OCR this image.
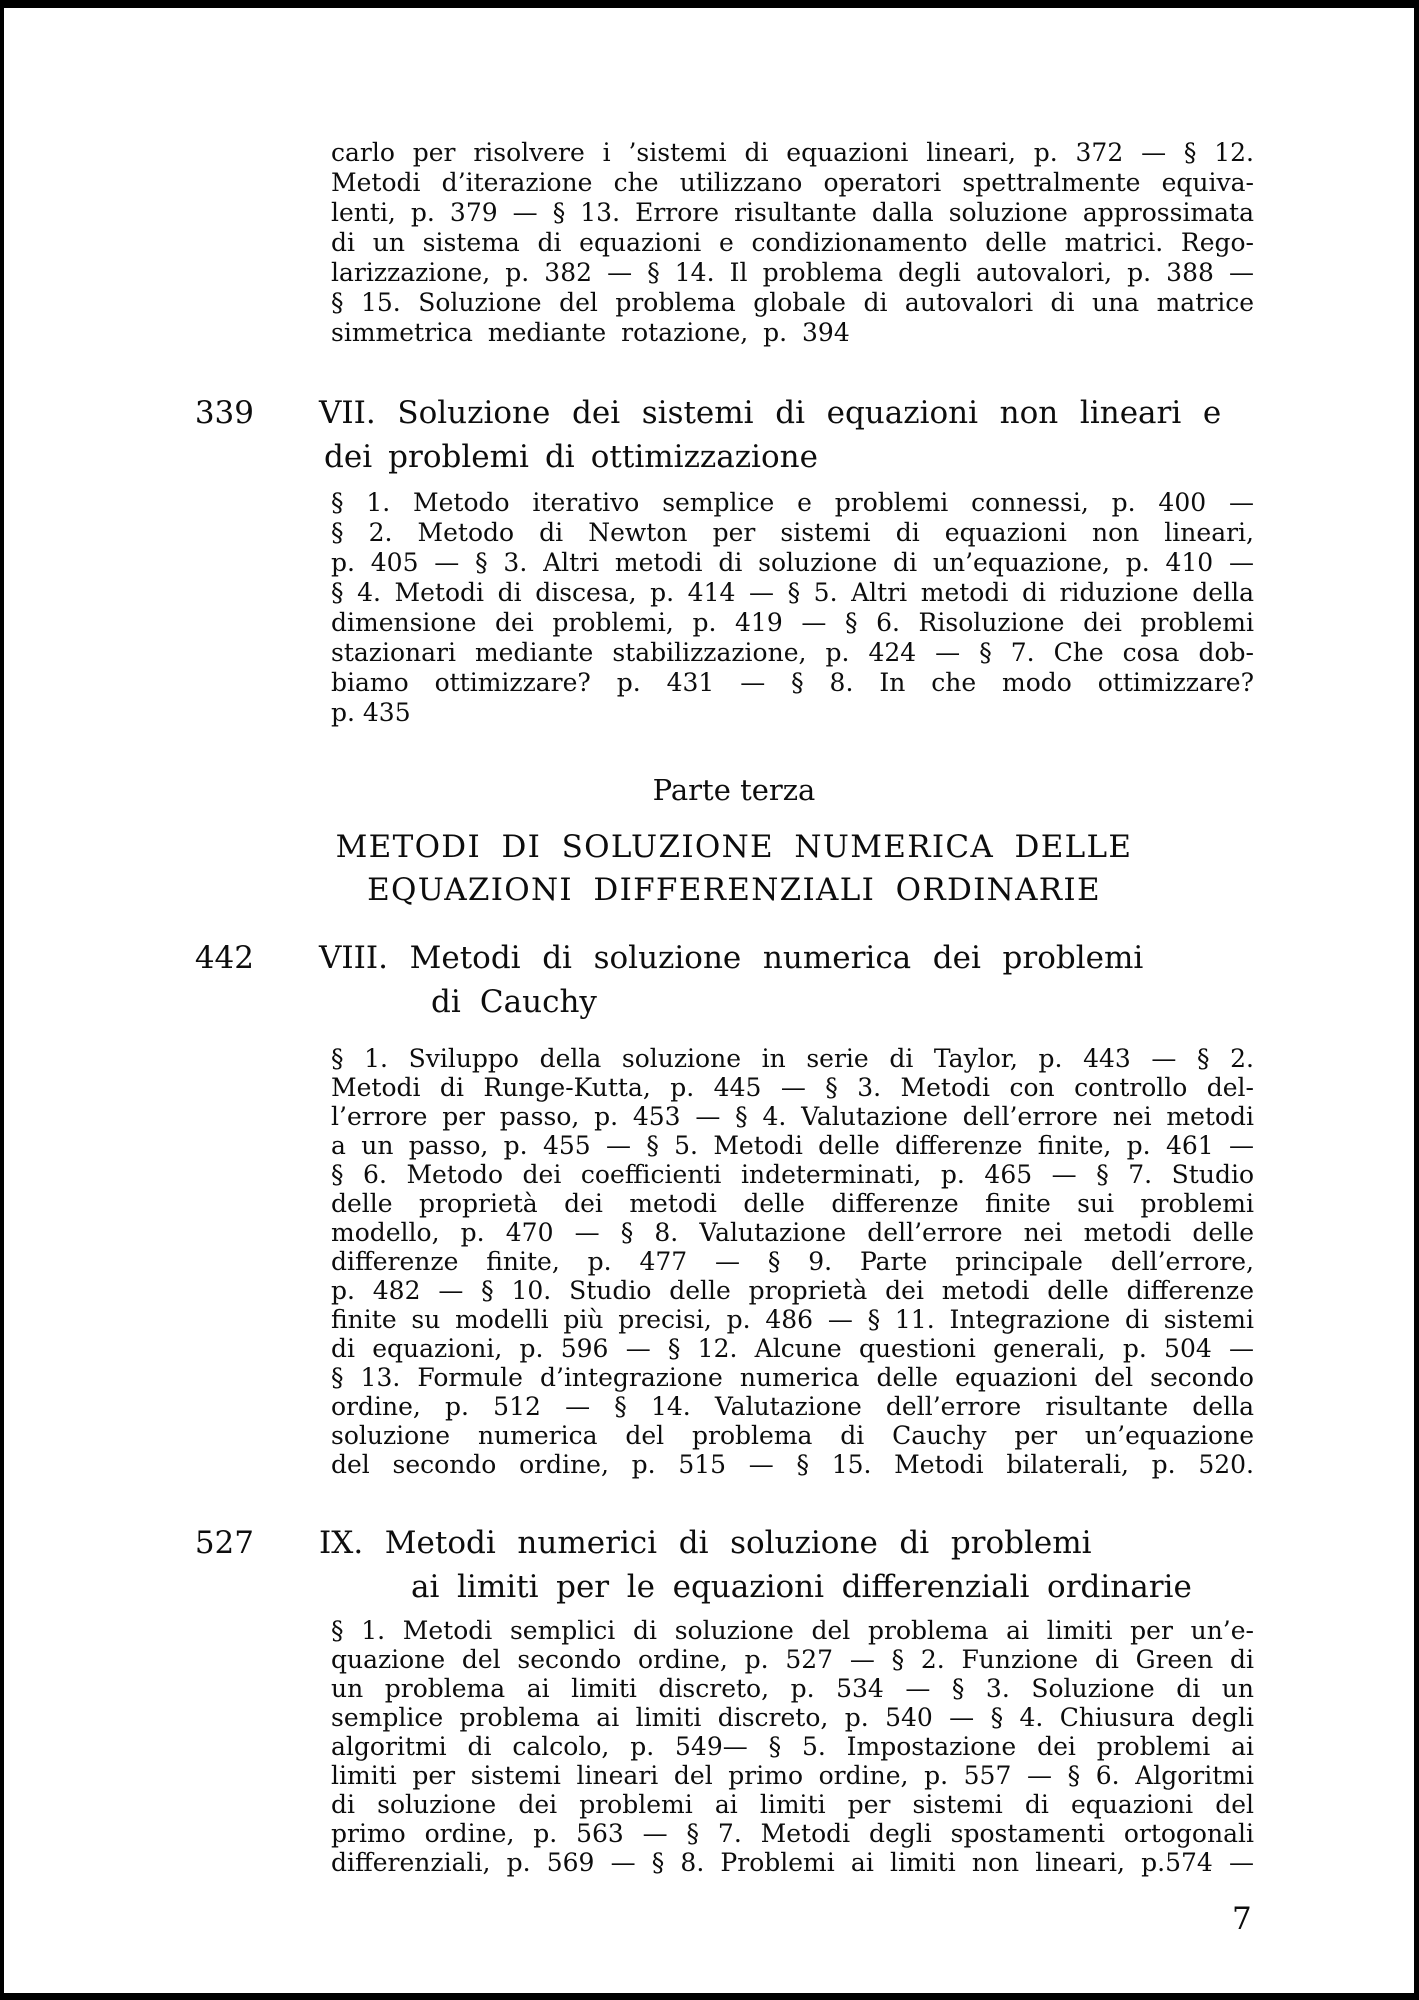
carlo per risolvere i ’sistemi di equazioni lineari, p. 372 — § 12.
Metodi d’iterazione che utilizzano operatori spettralmente equiva-
lenti, p. 379 — § 13. Errore risultante dalla soluzione approssimata
di un sistema di equazioni e condizionamento delle matrici. Rego-
larizzazione, p. 382 — § 14. Il problema degli autovalori, p. 388 —
§ 15. Soluzione del problema globale di autovalori di una matrice
simmetrica mediante rotazione, p. 394
339 VII. Soluzione dei sistemi di equazioni non lineari e
dei problemi di ottimizzazione
§ 1. Metodo iterativo semplice e problemi connessi, p. 400 —
§ 2. Metodo di Newton per sistemi di equazioni non lineari,
p. 405 — § 3. Altri metodi di soluzione di un’equazione, p. 410 —
§ 4. Metodi di discesa, p. 414 — § 5. Altri metodi di riduzione della
dimensione dei problemi, p. 419 — § 6. Risoluzione dei problemi
stazionari mediante stabilizzazione, p. 424 — § 7. Che cosa dob-
biamo ottimizzare? p. 431 — § 8. In che modo ottimizzare?
p. 435
Parte terza
METODI DI SOLUZIONE NUMERICA DELLE
EQUAZIONI DIFFERENZIALI ORDINARIE
442 VIII. Metodi di soluzione numerica dei problemi
di Cauchy
§ 1. Sviluppo della soluzione in serie di Taylor, p. 443 — § 2.
Metodi di Runge-Kutta, p. 445 — § 3. Metodi con controllo del-
l’errore per passo, p. 453 — § 4. Valutazione dell’errore nei metodi
a un passo, p. 455 — § 5. Metodi delle differenze finite, p. 461 —
§ 6. Metodo dei coefficienti indeterminati, p. 465 — § 7. Studio
delle proprietà dei metodi delle differenze finite sui problemi
modello, p. 470 — § 8. Valutazione dell’errore nei metodi delle
differenze finite, p. 477 — § 9. Parte principale dell’errore,
p. 482 — § 10. Studio delle proprietà dei metodi delle differenze
finite su modelli più precisi, p. 486 — § 11. Integrazione di sistemi
di equazioni, p. 596 — § 12. Alcune questioni generali, p. 504 —
§ 13. Formule d’integrazione numerica delle equazioni del secondo
ordine, p. 512 — § 14. Valutazione dell’errore risultante della
soluzione numerica del problema di Cauchy per un’equazione
del secondo ordine, p. 515 — § 15. Metodi bilaterali, p. 520.
527 IX. Metodi numerici di soluzione di problemi
ai limiti per le equazioni differenziali ordinarie
§ 1. Metodi semplici di soluzione del problema ai limiti per un’e-
quazione del secondo ordine, p. 527 — § 2. Funzione di Green di
un problema ai limiti discreto, p. 534 — § 3. Soluzione di un
semplice problema ai limiti discreto, p. 540 — § 4. Chiusura degli
algoritmi di calcolo, p. 549— § 5. Impostazione dei problemi ai
limiti per sistemi lineari del primo ordine, p. 557 — § 6. Algoritmi
di soluzione dei problemi ai limiti per sistemi di equazioni del
primo ordine, p. 563 — § 7. Metodi degli spostamenti ortogonali
differenziali, p. 569 — § 8. Problemi ai limiti non lineari, p.574 —
7
